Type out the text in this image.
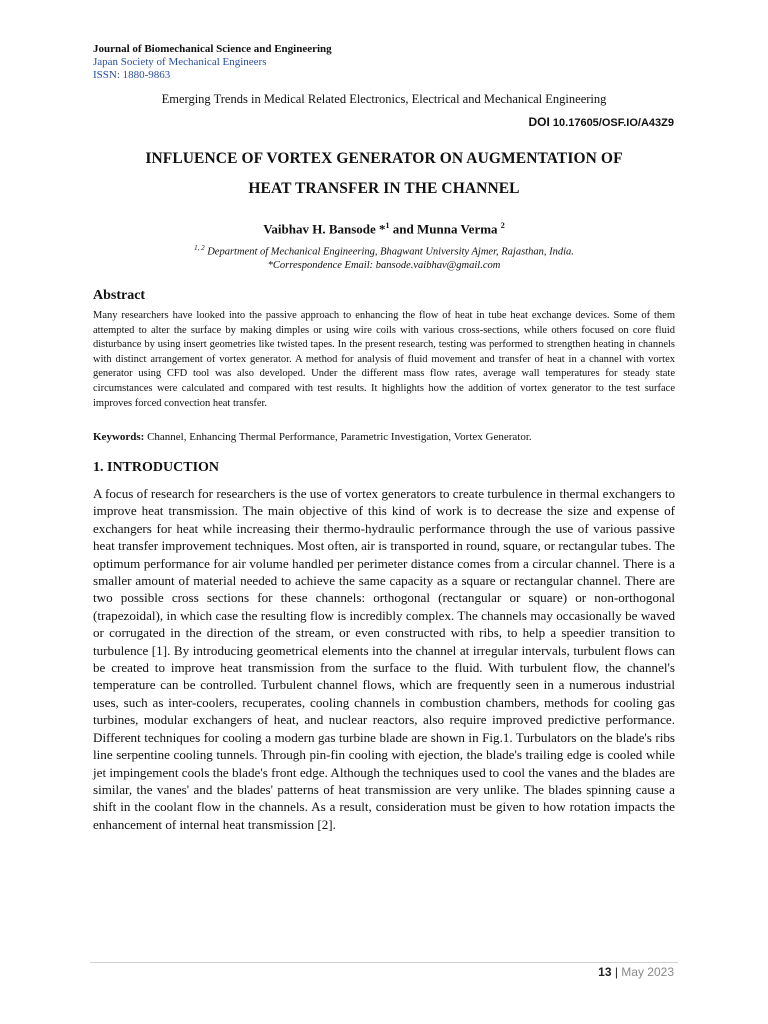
Journal of Biomechanical Science and Engineering
Japan Society of Mechanical Engineers
ISSN: 1880-9863
Emerging Trends in Medical Related Electronics, Electrical and Mechanical Engineering
DOI 10.17605/OSF.IO/A43Z9
INFLUENCE OF VORTEX GENERATOR ON AUGMENTATION OF
HEAT TRANSFER IN THE CHANNEL
Vaibhav H. Bansode *$^1$ and Munna Verma $^2$
$^{1, 2}$ Department of Mechanical Engineering, Bhagwant University Ajmer, Rajasthan, India.
*Correspondence Email: bansode.vaibhav@gmail.com
Abstract
Many researchers have looked into the passive approach to enhancing the flow of heat in tube heat exchange devices. Some of them attempted to alter the surface by making dimples or using wire coils with various cross-sections, while others focused on core fluid disturbance by using insert geometries like twisted tapes. In the present research, testing was performed to strengthen heating in channels with distinct arrangement of vortex generator. A method for analysis of fluid movement and transfer of heat in a channel with vortex generator using CFD tool was also developed. Under the different mass flow rates, average wall temperatures for steady state circumstances were calculated and compared with test results. It highlights how the addition of vortex generator to the test surface improves forced convection heat transfer.
Keywords: Channel, Enhancing Thermal Performance, Parametric Investigation, Vortex Generator.
1. INTRODUCTION
A focus of research for researchers is the use of vortex generators to create turbulence in thermal exchangers to improve heat transmission. The main objective of this kind of work is to decrease the size and expense of exchangers for heat while increasing their thermo-hydraulic performance through the use of various passive heat transfer improvement techniques. Most often, air is transported in round, square, or rectangular tubes. The optimum performance for air volume handled per perimeter distance comes from a circular channel. There is a smaller amount of material needed to achieve the same capacity as a square or rectangular channel. There are two possible cross sections for these channels: orthogonal (rectangular or square) or non-orthogonal (trapezoidal), in which case the resulting flow is incredibly complex. The channels may occasionally be waved or corrugated in the direction of the stream, or even constructed with ribs, to help a speedier transition to turbulence [1]. By introducing geometrical elements into the channel at irregular intervals, turbulent flows can be created to improve heat transmission from the surface to the fluid. With turbulent flow, the channel's temperature can be controlled. Turbulent channel flows, which are frequently seen in a numerous industrial uses, such as inter-coolers, recuperates, cooling channels in combustion chambers, methods for cooling gas turbines, modular exchangers of heat, and nuclear reactors, also require improved predictive performance. Different techniques for cooling a modern gas turbine blade are shown in Fig.1. Turbulators on the blade's ribs line serpentine cooling tunnels. Through pin-fin cooling with ejection, the blade's trailing edge is cooled while jet impingement cools the blade's front edge. Although the techniques used to cool the vanes and the blades are similar, the vanes' and the blades' patterns of heat transmission are very unlike. The blades spinning cause a shift in the coolant flow in the channels. As a result, consideration must be given to how rotation impacts the enhancement of internal heat transmission [2].
13 | May 2023
